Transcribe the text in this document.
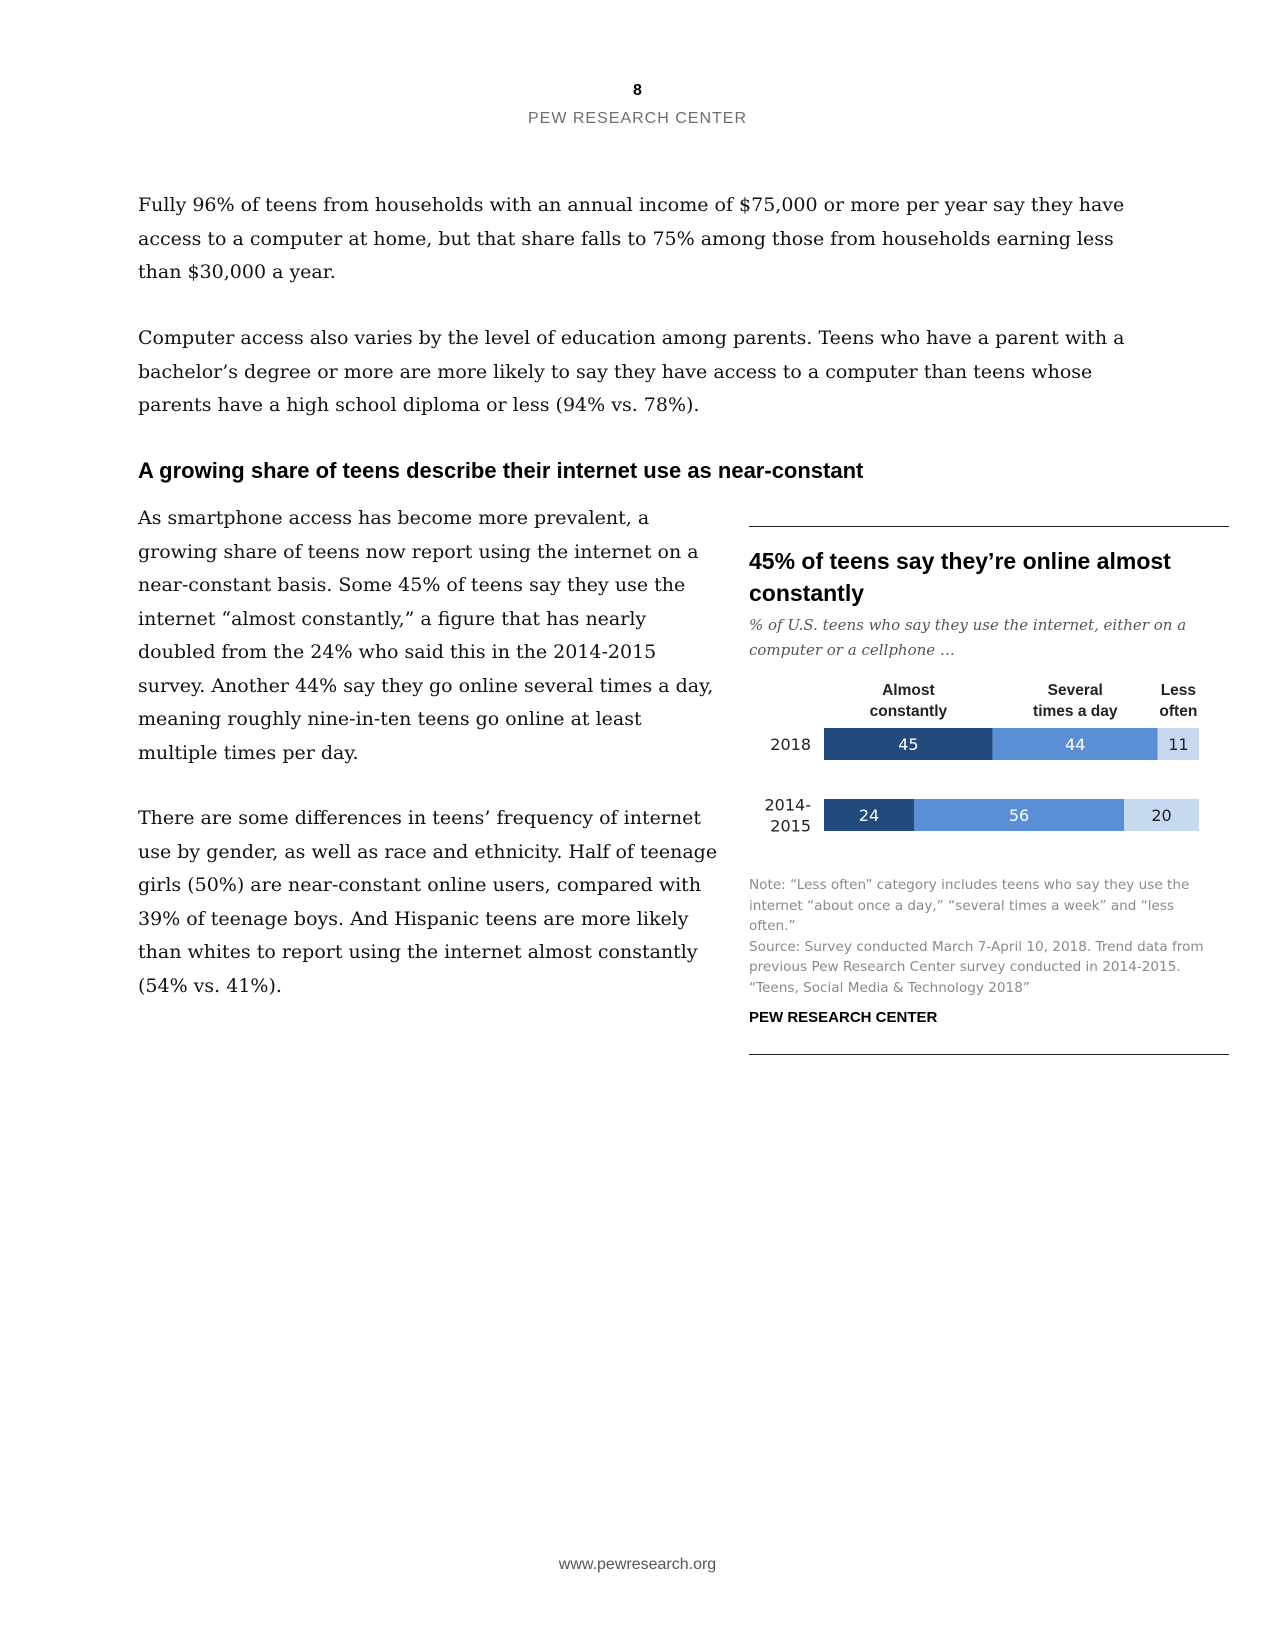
8
PEW RESEARCH CENTER

Fully 96% of teens from households with an annual income of $75,000 or more per year say they have access to a computer at home, but that share falls to 75% among those from households earning less than $30,000 a year.

Computer access also varies by the level of education among parents. Teens who have a parent with a bachelor’s degree or more are more likely to say they have access to a computer than teens whose parents have a high school diploma or less (94% vs. 78%).

A growing share of teens describe their internet use as near-constant

As smartphone access has become more prevalent, a growing share of teens now report using the internet on a near-constant basis. Some 45% of teens say they use the internet “almost constantly,” a figure that has nearly doubled from the 24% who said this in the 2014-2015 survey. Another 44% say they go online several times a day, meaning roughly nine-in-ten teens go online at least multiple times per day.

There are some differences in teens’ frequency of internet use by gender, as well as race and ethnicity. Half of teenage girls (50%) are near-constant online users, compared with 39% of teenage boys. And Hispanic teens are more likely than whites to report using the internet almost constantly (54% vs. 41%).

45% of teens say they’re online almost constantly

% of U.S. teens who say they use the internet, either on a computer or a cellphone …

Almost
constantly
Several
times a day
Less
often
2018	45	44	11
2014-
2015
24	56	20
Note: “Less often” category includes teens who say they use the
internet “about once a day,” “several times a week” and “less
often.”
Source: Survey conducted March 7-April 10, 2018. Trend data from
previous Pew Research Center survey conducted in 2014-2015.
“Teens, Social Media & Technology 2018”
PEW RESEARCH CENTER
www.pewresearch.org
